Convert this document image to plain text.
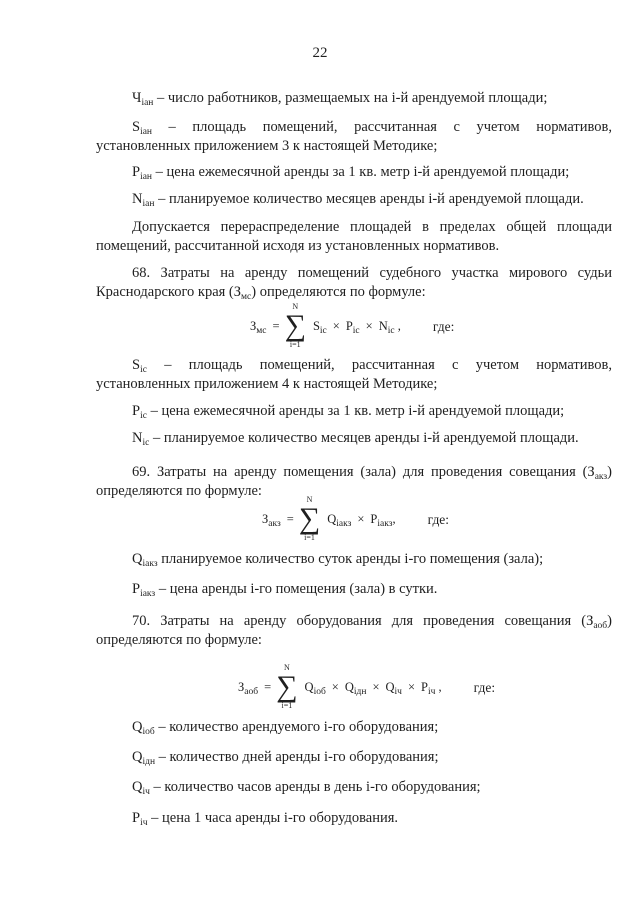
22

$Ч_{iан}$ – число работников, размещаемых на i-й арендуемой площади;

$S_{iан}$ – площадь помещений, рассчитанная с учетом нормативов,

установленных приложением 3 к настоящей Методике;

$P_{iан}$ – цена ежемесячной аренды за 1 кв. метр i-й арендуемой площади;

$N_{iан}$ – планируемое количество месяцев аренды i-й арендуемой площади.

Допускается перераспределение площадей в пределах общей площади

помещений, рассчитанной исходя из установленных нормативов.

68. Затраты на аренду помещений судебного участка мирового судьи

Краснодарского края $(З_{мс})$ определяются по формуле:

$З_{мс}$ =
N
∑
i=1
$S_{ic} \times P_{ic} \times N_{ic}$ , где:

$S_{ic}$ – площадь помещений, рассчитанная с учетом нормативов,

установленных приложением 4 к настоящей Методике;

$P_{ic}$ – цена ежемесячной аренды за 1 кв. метр i-й арендуемой площади;

$N_{ic}$ – планируемое количество месяцев аренды i-й арендуемой площади.

69. Затраты на аренду помещения (зала) для проведения совещания $(З_{акз})$

определяются по формуле:

$З_{акз}$ =
N
∑
i=1
$Q_{iакз} \times P_{iакз}$, где:

$Q_{iакз}$ планируемое количество суток аренды i-го помещения (зала);

$P_{iакз}$ – цена аренды i-го помещения (зала) в сутки.

70. Затраты на аренду оборудования для проведения совещания $(З_{аоб})$

определяются по формуле:

$З_{аоб}$ =
N
∑
i=1
$Q_{iоб} \times Q_{iдн} \times Q_{iч} \times P_{iч}$ , где:

$Q_{iоб}$ – количество арендуемого i-го оборудования;

$Q_{iдн}$ – количество дней аренды i-го оборудования;

$Q_{iч}$ – количество часов аренды в день i-го оборудования;

$P_{iч}$ – цена 1 часа аренды i-го оборудования.
